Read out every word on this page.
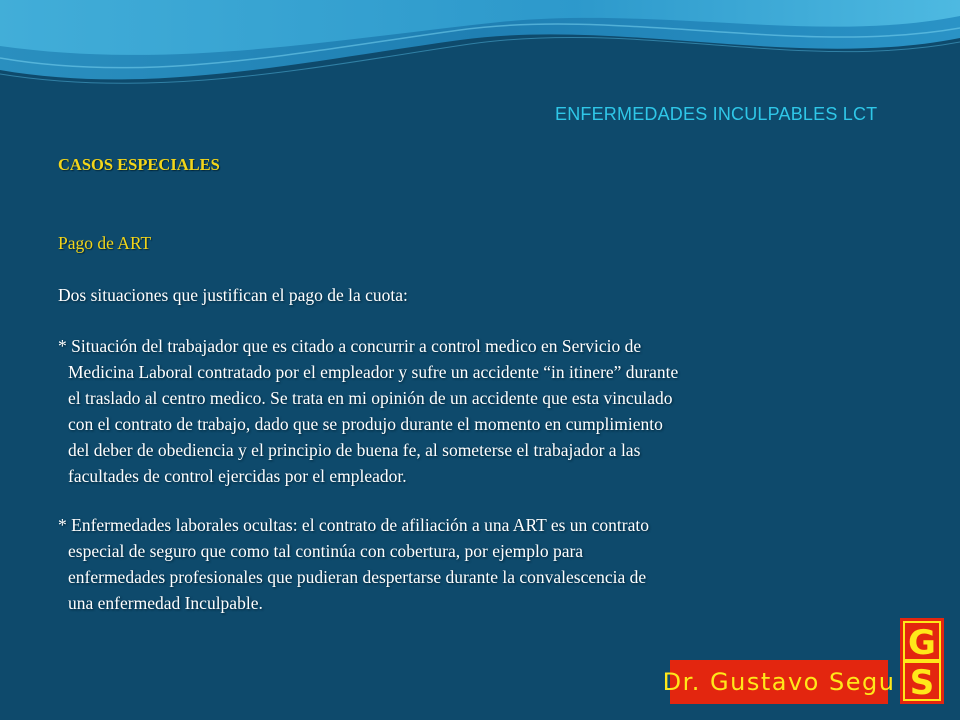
ENFERMEDADES INCULPABLES LCT
CASOS ESPECIALES
Pago de ART
Dos situaciones que justifican el pago de la cuota:
* Situación del trabajador que es citado a concurrir a control medico en Servicio de
Medicina Laboral contratado por el empleador y sufre un accidente “in itinere” durante
el traslado al centro medico. Se trata en mi opinión de un accidente que esta vinculado
con el contrato de trabajo, dado que se produjo durante el momento en cumplimiento
del deber de obediencia y el principio de buena fe, al someterse el trabajador a las
facultades de control ejercidas por el empleador.
* Enfermedades laborales ocultas: el contrato de afiliación a una ART es un contrato
especial de seguro que como tal continúa con cobertura, por ejemplo para
enfermedades profesionales que pudieran despertarse durante la convalescencia de
una enfermedad Inculpable.
Dr. Gustavo Segu
G
S
